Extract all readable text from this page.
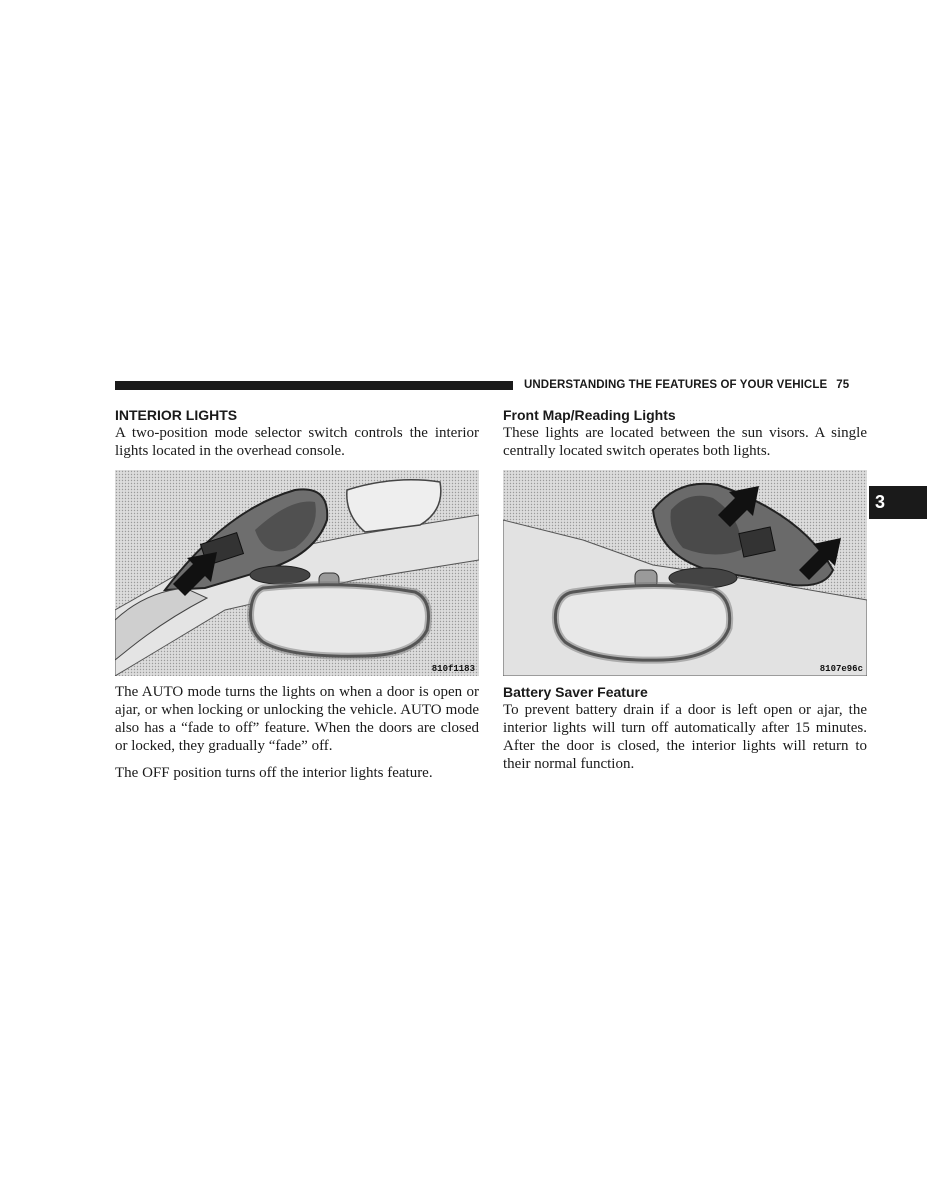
UNDERSTANDING THE FEATURES OF YOUR VEHICLE 75
3
INTERIOR LIGHTS

A two-position mode selector switch controls the interior lights located in the overhead console.

810f1183

The AUTO mode turns the lights on when a door is open or ajar, or when locking or unlocking the vehicle. AUTO mode also has a “fade to off” feature. When the doors are closed or locked, they gradually “fade” off.

The OFF position turns off the interior lights feature.

Front Map/Reading Lights

These lights are located between the sun visors. A single centrally located switch operates both lights.

8107e96c
Battery Saver Feature

To prevent battery drain if a door is left open or ajar, the interior lights will turn off automatically after 15 minutes. After the door is closed, the interior lights will return to their normal function.
